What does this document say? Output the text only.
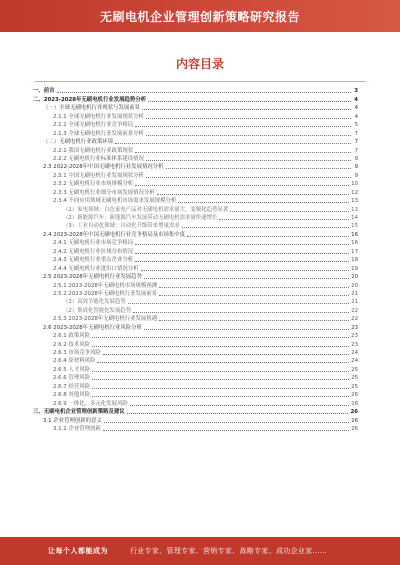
无刷电机企业管理创新策略研究报告
内容目录
一、前言	3
二、2023-2028年无刷电机行业发展趋势分析	4
（一）全球无刷电机行业现状与发展前景	4
2.1.1 全球无刷电机行业发展现状分析	4
2.1.2 全球无刷电机行业竞争格局	5
2.1.3 全球无刷电机行业发展前景分析	7
（二）无刷电机行业政策环境	7
2.2.1 我国无刷电机行业政策现状	7
2.2.2 无刷电机行业标准体系建设情况	9
2.3 2022-2028年中国无刷电机行业发展情况分析	9
2.3.1 中国无刷电机行业发展现状分析	9
2.3.2 无刷电机行业市场规模分析	10
2.3.3 无刷电机行业细分市场发展情况分析	12
2.3.4 不同应用领域无刷电机市场需求发展规模分析	13
（1）家电领域：白色家电产品对无刷电机需求量大，变频化趋势显著	13
（2）新能源汽车：新能源汽车发展带动无刷电机需求量快速增长	14
（3）工业自动化领域：自动化升级带来增量需求	15
2.4 2023-2028年中国无刷电机行业竞争格局及市场集中度	16
2.4.1 无刷电机行业市场竞争格局	16
2.4.2 无刷电机行业区域分布情况	17
2.4.3 无刷电机行业重点企业分析	18
2.4.4 无刷电机行业进出口情况分析	19
2.5 2023-2028年无刷电机行业发展趋势	20
2.5.1 2023-2028年无刷电机市场规模预测	20
2.5.2 2023-2028年无刷电机行业发展前景	21
（1）高效节能化发展趋势	21
（2）集成化智能化发展趋势	22
2.5.3 2023-2028年无刷电机行业发展机遇	22
2.6 2023-2028年无刷电机行业风险分析	23
2.6.1 政策风险	23
2.6.2 技术风险	23
2.6.3 市场竞争风险	24
2.6.4 原材料风险	24
2.6.5 人才风险	25
2.6.6 管理风险	25
2.6.7 经营风险	25
2.6.8 其他风险	26
2.6.9 一体化、多元化发展风险	26
三、无刷电机企业管理创新策略及建议	26
3.1 企业管理创新的意义	26
3.1.1 企业管理创新	26
让每个人都能成为	行业专家、管理专家、营销专家、战略专家、成功企业家……
